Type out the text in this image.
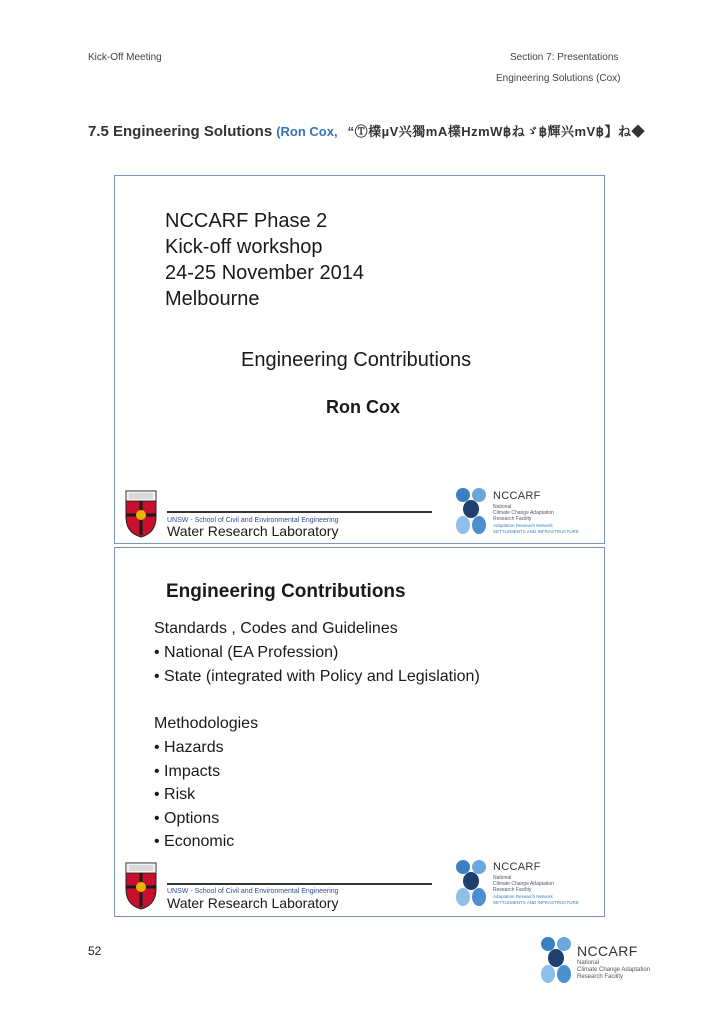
Kick-Off Meeting	Section 7: Presentations
Engineering Solutions (Cox)
7.5 Engineering Solutions (Ron Cox, “Ⓣ檏µV兴獨mA檏HzmW฿ねゞ฿輝兴mV฿】ね◆
NCCARF Phase 2
Kick-off workshop
24-25 November 2014
Melbourne
Engineering Contributions
Ron Cox
UNSW - School of Civil and Environmental Engineering
Water Research Laboratory
NCCARF
National
Climate Change Adaptation
Research Facility
Adaptation Research Network
SETTLEMENTS AND INFRASTRUCTURE
Engineering Contributions
Standards , Codes and Guidelines
• National (EA Profession)
• State (integrated with Policy and Legislation)
Methodologies
• Hazards
• Impacts
• Risk
• Options
• Economic
UNSW - School of Civil and Environmental Engineering
Water Research Laboratory
NCCARF
National
Climate Change Adaptation
Research Facility
Adaptation Research Network
SETTLEMENTS AND INFRASTRUCTURE
52	NCCARF
National
Climate Change Adaptation
Research Facility
